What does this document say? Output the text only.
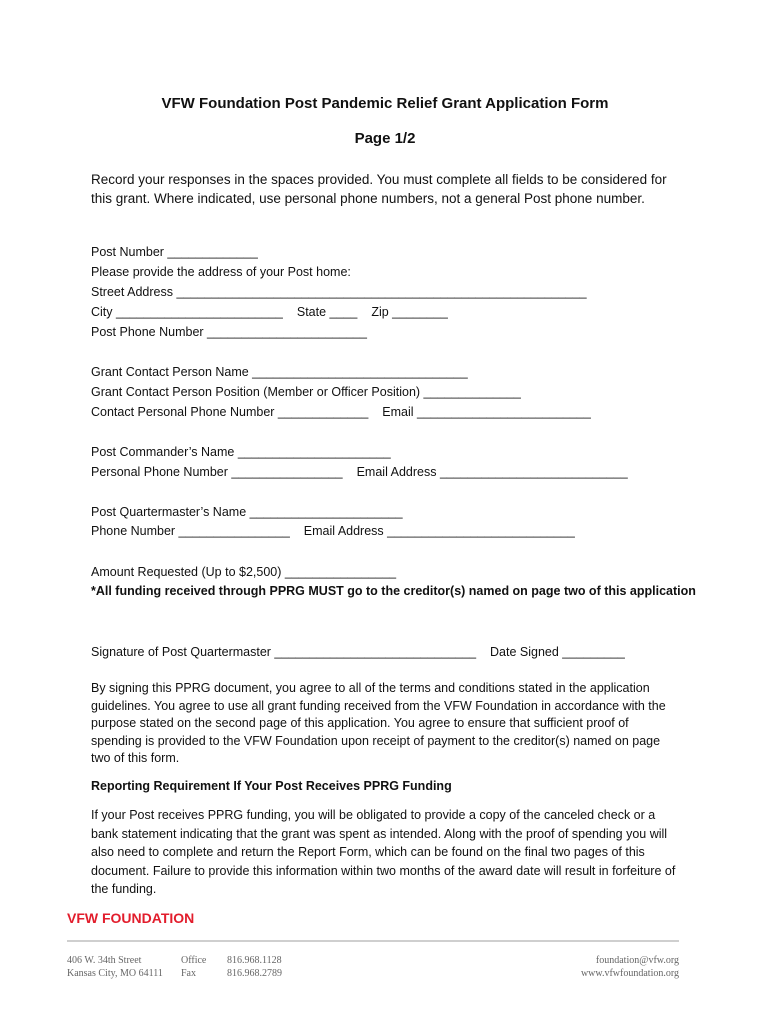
VFW Foundation Post Pandemic Relief Grant Application Form
Page 1/2
Record your responses in the spaces provided. You must complete all fields to be considered for this grant. Where indicated, use personal phone numbers, not a general Post phone number.
Post Number _____________
Please provide the address of your Post home:
Street Address ___________________________________________________________
City ________________________ State ____ Zip ________
Post Phone Number _______________________
Grant Contact Person Name _______________________________
Grant Contact Person Position (Member or Officer Position) ______________
Contact Personal Phone Number _____________ Email _________________________
Post Commander’s Name ______________________
Personal Phone Number ________________ Email Address ___________________________
Post Quartermaster’s Name ______________________
Phone Number ________________ Email Address ___________________________
Amount Requested (Up to $2,500) ________________
*All funding received through PPRG MUST go to the creditor(s) named on page two of this application
Signature of Post Quartermaster _____________________________ Date Signed _________
By signing this PPRG document, you agree to all of the terms and conditions stated in the application guidelines. You agree to use all grant funding received from the VFW Foundation in accordance with the purpose stated on the second page of this application. You agree to ensure that sufficient proof of spending is provided to the VFW Foundation upon receipt of payment to the creditor(s) named on page two of this form.
Reporting Requirement If Your Post Receives PPRG Funding
If your Post receives PPRG funding, you will be obligated to provide a copy of the canceled check or a bank statement indicating that the grant was spent as intended. Along with the proof of spending you will also need to complete and return the Report Form, which can be found on the final two pages of this document. Failure to provide this information within two months of the award date will result in forfeiture of the funding.
VFW FOUNDATION
406 W. 34th Street
Kansas City, MO 64111
Office
Fax
816.968.1128
816.968.2789
foundation@vfw.org
www.vfwfoundation.org
